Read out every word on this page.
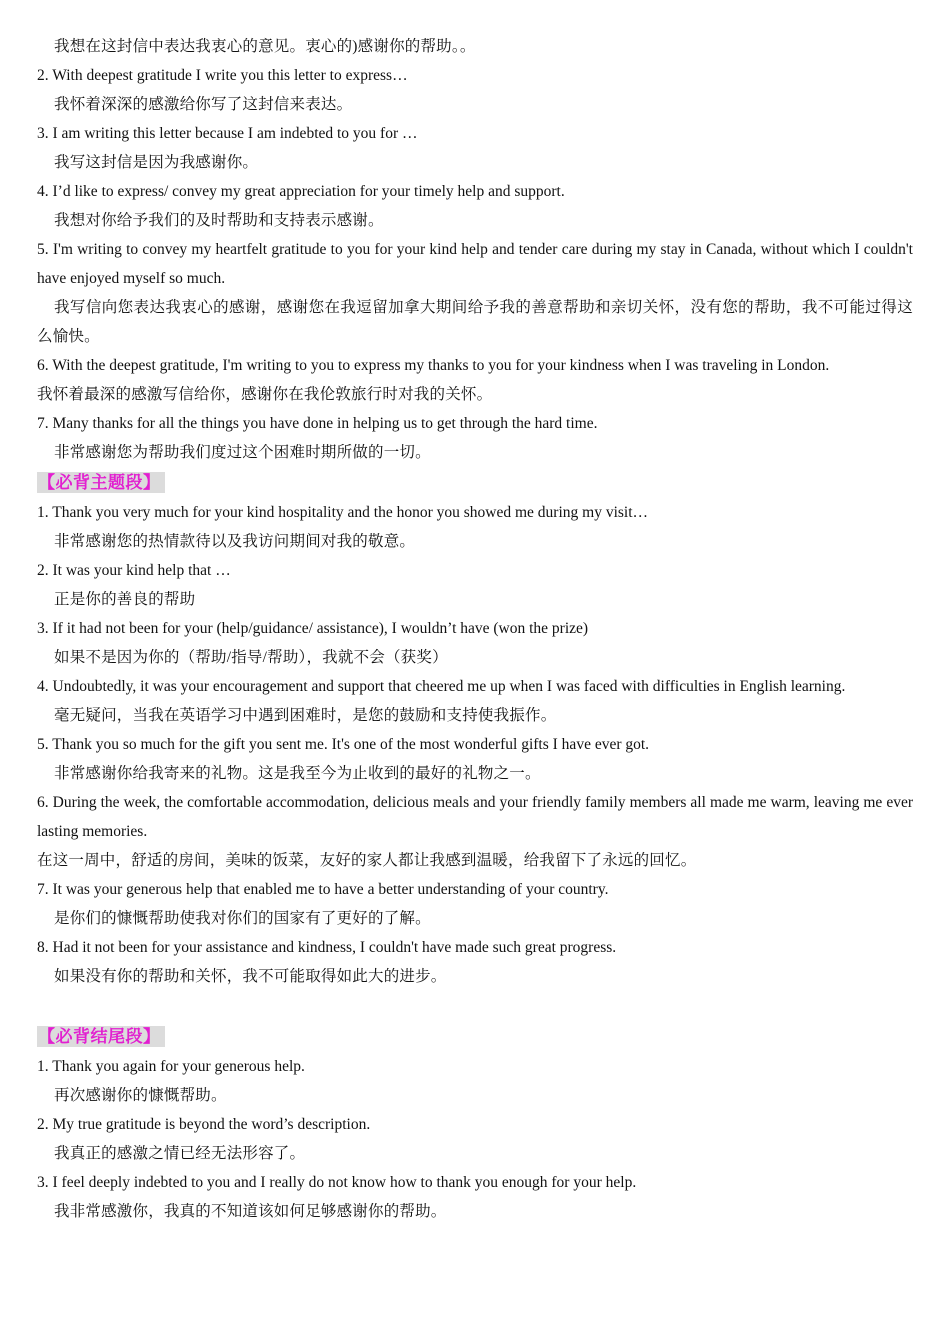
我想在这封信中表达我衷心的意见。衷心的)感谢你的帮助。。
2. With deepest gratitude I write you this letter to express…
我怀着深深的感激给你写了这封信来表达。
3. I am writing this letter because I am indebted to you for …
我写这封信是因为我感谢你。
4. I’d like to express/ convey my great appreciation for your timely help and support.
我想对你给予我们的及时帮助和支持表示感谢。
5. I'm writing to convey my heartfelt gratitude to you for your kind help and tender care during my stay in Canada, without which I couldn't have enjoyed myself so much.
我写信向您表达我衷心的感谢，感谢您在我逗留加拿大期间给予我的善意帮助和亲切关怀，没有您的帮助，我不可能过得这么愉快。
6. With the deepest gratitude, I'm writing to you to express my thanks to you for your kindness when I was traveling in London.
我怀着最深的感激写信给你，感谢你在我伦敦旅行时对我的关怀。
7. Many thanks for all the things you have done in helping us to get through the hard time.
非常感谢您为帮助我们度过这个困难时期所做的一切。
【必背主题段】
1. Thank you very much for your kind hospitality and the honor you showed me during my visit…
非常感谢您的热情款待以及我访问期间对我的敬意。
2. It was your kind help that …
正是你的善良的帮助
3. If it had not been for your (help/guidance/ assistance), I wouldn’t have (won the prize)
如果不是因为你的（帮助/指导/帮助），我就不会（获奖）
4. Undoubtedly, it was your encouragement and support that cheered me up when I was faced with difficulties in English learning.
毫无疑问，当我在英语学习中遇到困难时，是您的鼓励和支持使我振作。
5. Thank you so much for the gift you sent me. It's one of the most wonderful gifts I have ever got.
非常感谢你给我寄来的礼物。这是我至今为止收到的最好的礼物之一。
6. During the week, the comfortable accommodation, delicious meals and your friendly family members all made me warm, leaving me ever lasting memories.
在这一周中，舒适的房间，美味的饭菜，友好的家人都让我感到温暖，给我留下了永远的回忆。
7. It was your generous help that enabled me to have a better understanding of your country.
是你们的慷慨帮助使我对你们的国家有了更好的了解。
8. Had it not been for your assistance and kindness, I couldn't have made such great progress.
如果没有你的帮助和关怀，我不可能取得如此大的进步。
【必背结尾段】
1. Thank you again for your generous help.
再次感谢你的慷慨帮助。
2. My true gratitude is beyond the word’s description.
我真正的感激之情已经无法形容了。
3. I feel deeply indebted to you and I really do not know how to thank you enough for your help.
我非常感激你，我真的不知道该如何足够感谢你的帮助。
